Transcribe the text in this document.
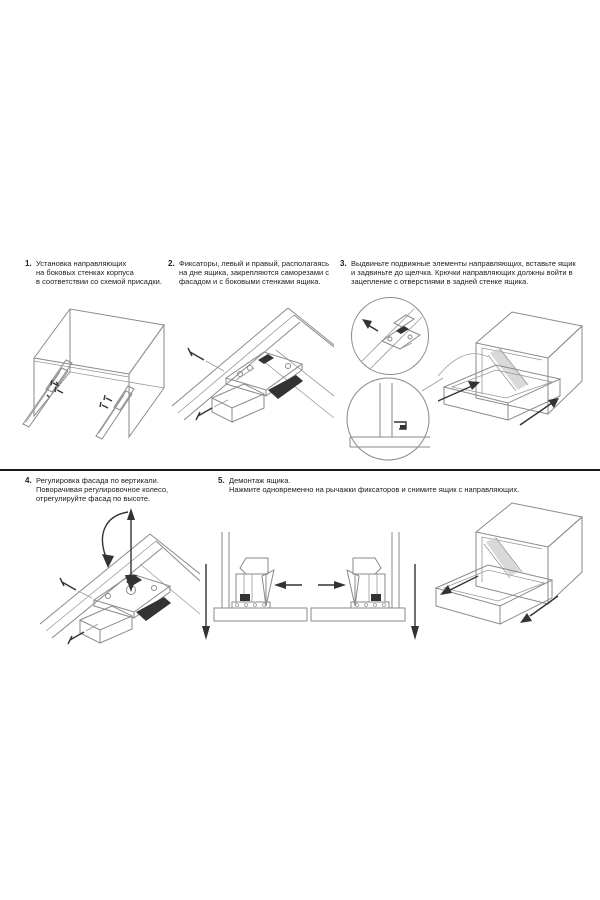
1. Установка направляющих
на боковых стенках корпуса
в соответствии со схемой присадки.
2. Фиксаторы, левый и правый, располагаясь
на дне ящика, закрепляются саморезами с
фасадом и с боковыми стенками ящика.
3. Выдвиньте подвижные элементы направляющих, вставьте ящик
и задвиньте до щелчка. Крючки направляющих должны войти в
зацепление с отверстиями в задней стенке ящика.
4. Регулировка фасада по вертикали.
Поворачивая регулировочное колесо,
отрегулируйте фасад по высоте.
5. Демонтаж ящика.
Нажмите одновременно на рычажки фиксаторов и снимите ящик с направляющих.
